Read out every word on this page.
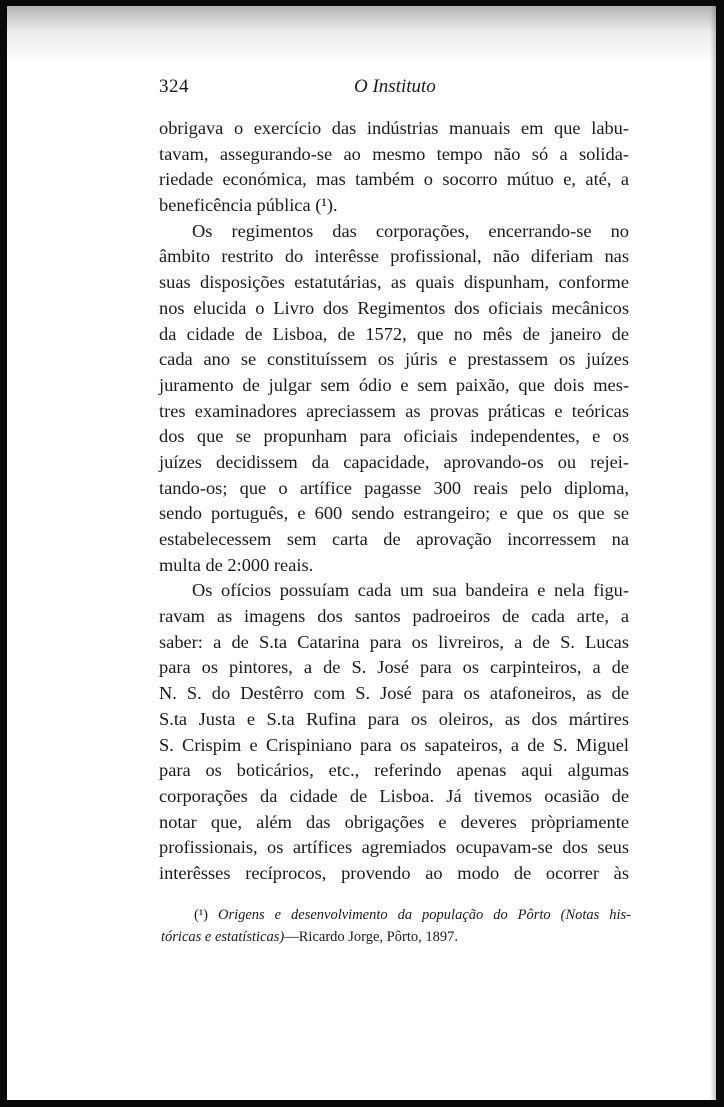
324	O Instituto
obrigava o exercício das indústrias manuais em que labu-
tavam, assegurando-se ao mesmo tempo não só a solida-
riedade económica, mas também o socorro mútuo e, até, a
beneficência pública (¹).
Os regimentos das corporações, encerrando-se no
âmbito restrito do interêsse profissional, não diferiam nas
suas disposições estatutárias, as quais dispunham, conforme
nos elucida o Livro dos Regimentos dos oficiais mecânicos
da cidade de Lisboa, de 1572, que no mês de janeiro de
cada ano se constituíssem os júris e prestassem os juízes
juramento de julgar sem ódio e sem paixão, que dois mes-
tres examinadores apreciassem as provas práticas e teóricas
dos que se propunham para oficiais independentes, e os
juízes decidissem da capacidade, aprovando-os ou rejei-
tando-os; que o artífice pagasse 300 reais pelo diploma,
sendo português, e 600 sendo estrangeiro; e que os que se
estabelecessem sem carta de aprovação incorressem na
multa de 2:000 reais.
Os ofícios possuíam cada um sua bandeira e nela figu-
ravam as imagens dos santos padroeiros de cada arte, a
saber: a de S.ta Catarina para os livreiros, a de S. Lucas
para os pintores, a de S. José para os carpinteiros, a de
N. S. do Destêrro com S. José para os atafoneiros, as de
S.ta Justa e S.ta Rufina para os oleiros, as dos mártires
S. Crispim e Crispiniano para os sapateiros, a de S. Miguel
para os boticários, etc., referindo apenas aqui algumas
corporações da cidade de Lisboa. Já tivemos ocasião de
notar que, além das obrigações e deveres pròpriamente
profissionais, os artífices agremiados ocupavam-se dos seus
interêsses recíprocos, provendo ao modo de ocorrer às
(¹) Origens e desenvolvimento da população do Pôrto (Notas his-
tóricas e estatísticas)—Ricardo Jorge, Pôrto, 1897.
